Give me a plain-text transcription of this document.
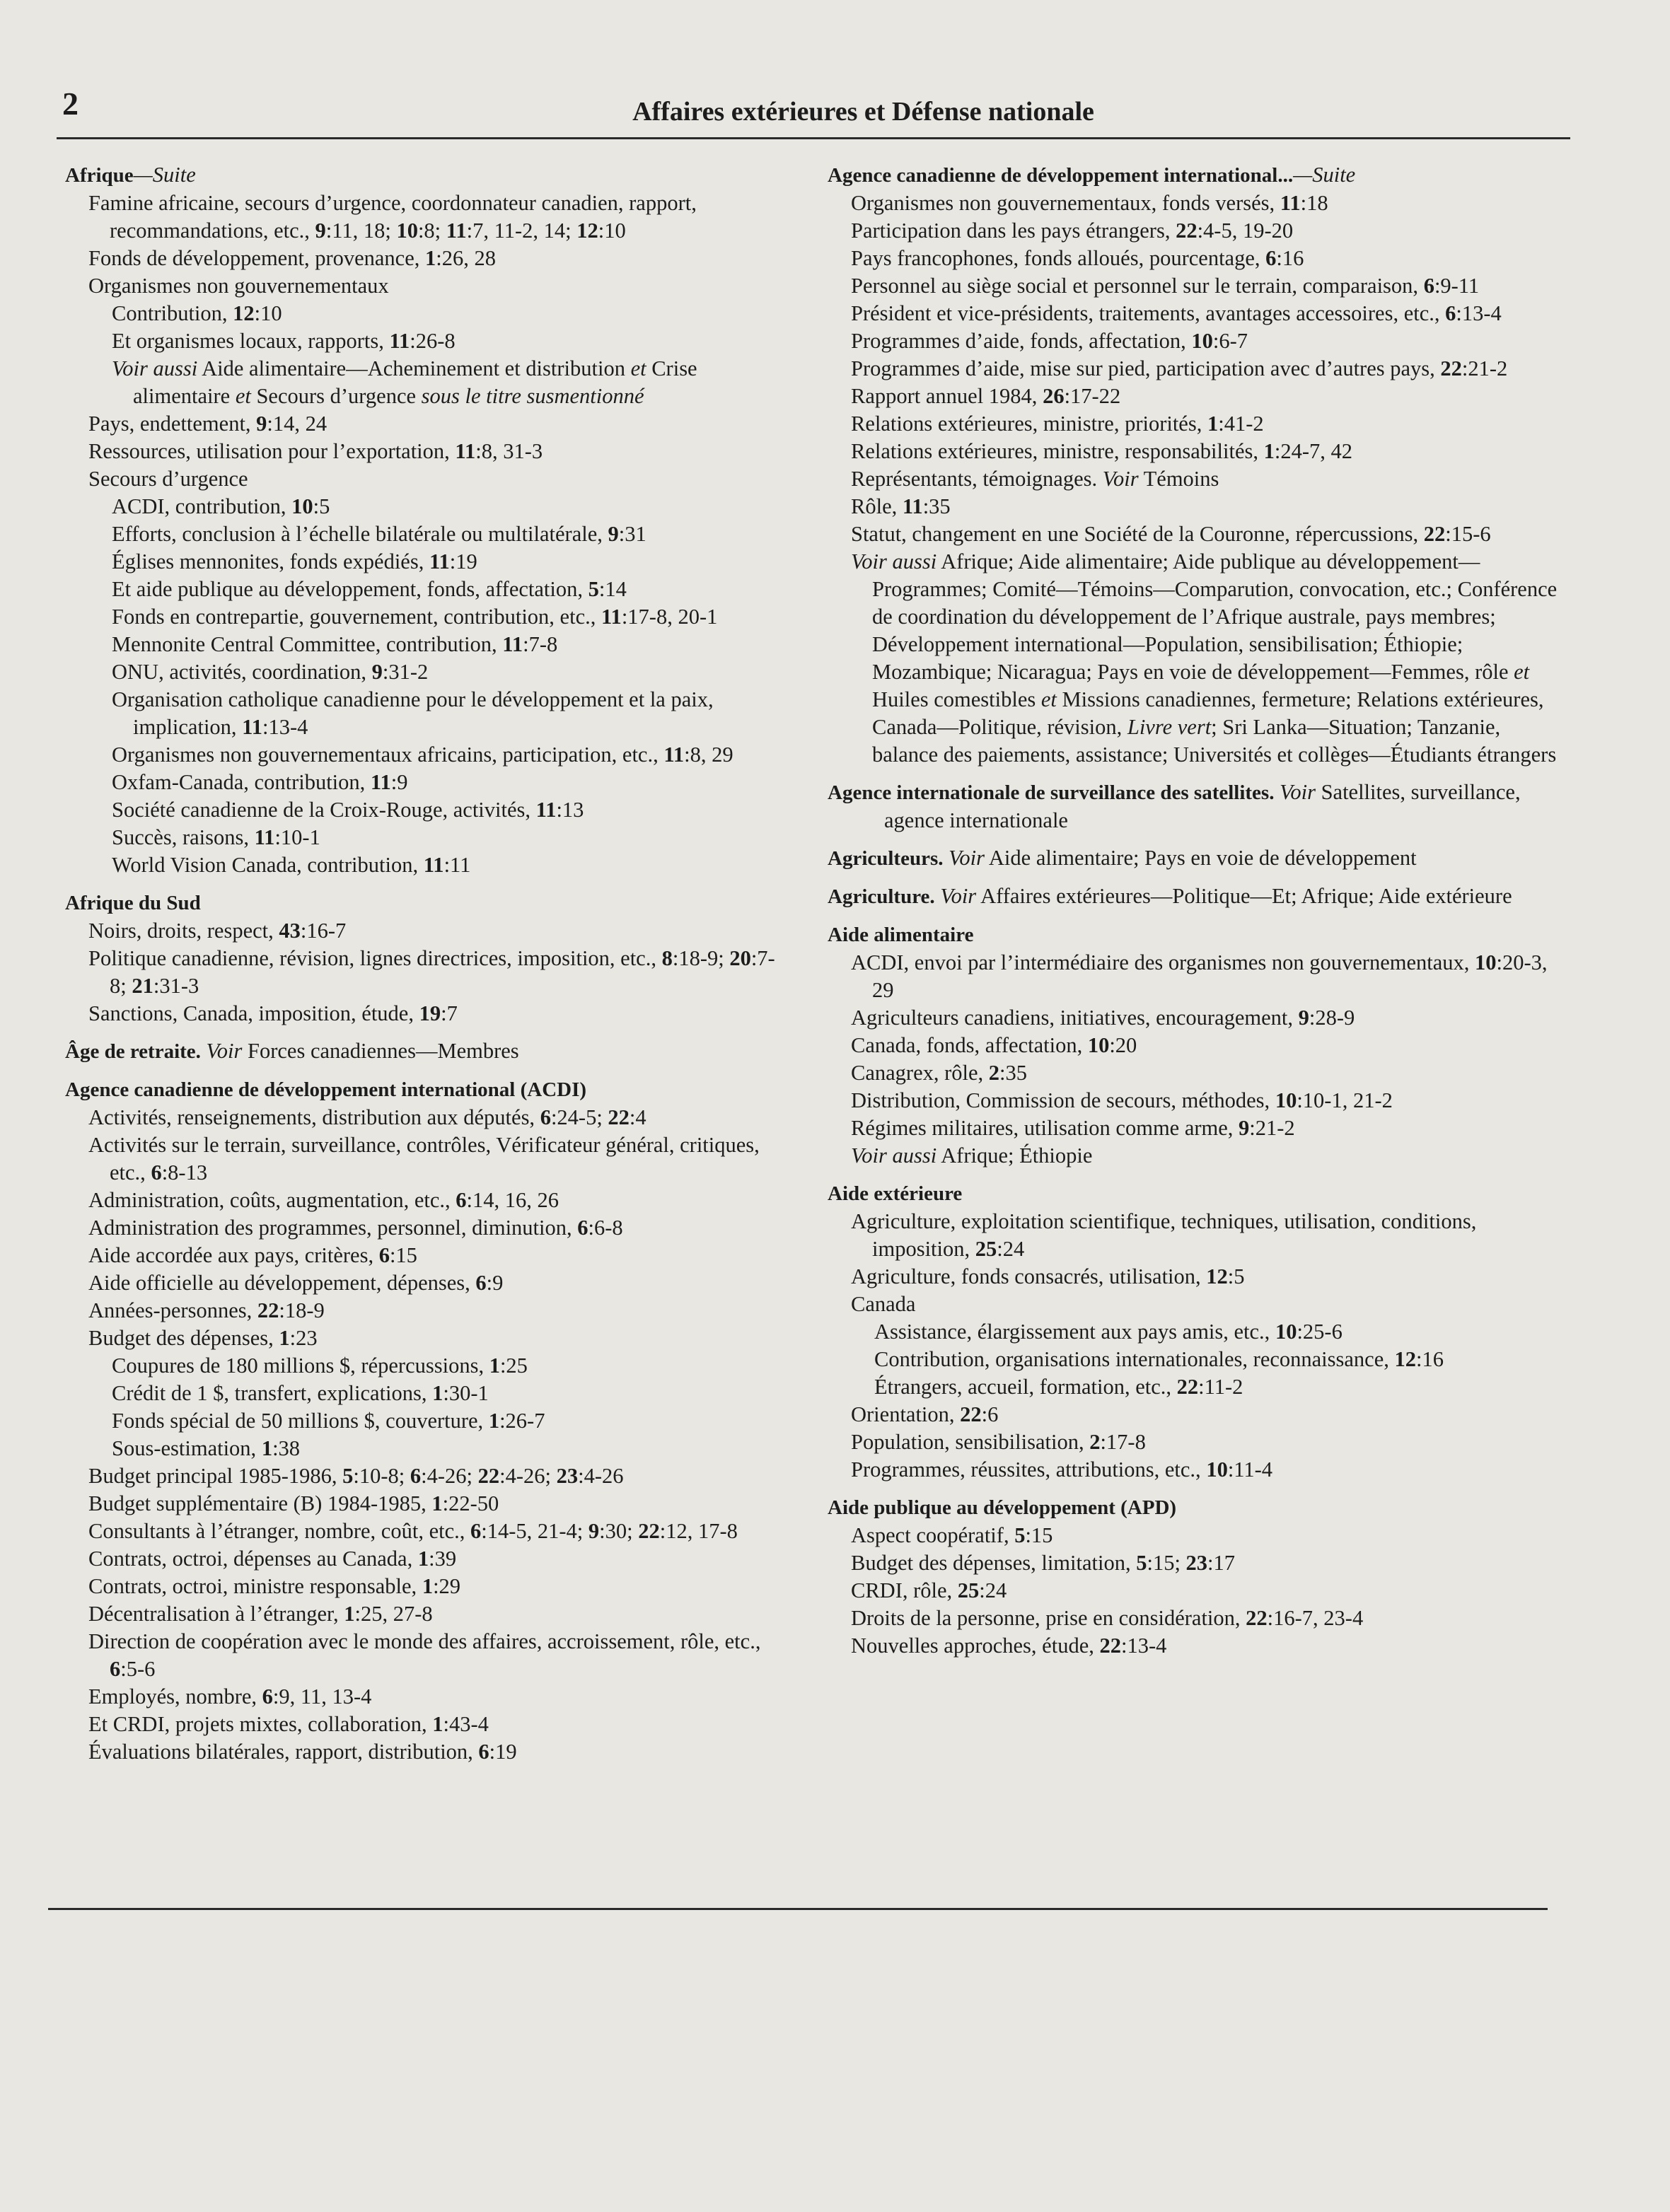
2	Affaires extérieures et Défense nationale
Afrique—Suite
Famine africaine, secours d’urgence, coordonnateur canadien, rapport, recommandations, etc., 9:11, 18; 10:8; 11:7, 11-2, 14; 12:10
Fonds de développement, provenance, 1:26, 28
Organismes non gouvernementaux
Contribution, 12:10
Et organismes locaux, rapports, 11:26-8
Voir aussi Aide alimentaire—Acheminement et distribution et Crise alimentaire et Secours d’urgence sous le titre susmentionné
Pays, endettement, 9:14, 24
Ressources, utilisation pour l’exportation, 11:8, 31-3
Secours d’urgence
ACDI, contribution, 10:5
Efforts, conclusion à l’échelle bilatérale ou multilatérale, 9:31
Églises mennonites, fonds expédiés, 11:19
Et aide publique au développement, fonds, affectation, 5:14
Fonds en contrepartie, gouvernement, contribution, etc., 11:17-8, 20-1
Mennonite Central Committee, contribution, 11:7-8
ONU, activités, coordination, 9:31-2
Organisation catholique canadienne pour le développement et la paix, implication, 11:13-4
Organismes non gouvernementaux africains, participation, etc., 11:8, 29
Oxfam-Canada, contribution, 11:9
Société canadienne de la Croix-Rouge, activités, 11:13
Succès, raisons, 11:10-1
World Vision Canada, contribution, 11:11
Afrique du Sud
Noirs, droits, respect, 43:16-7
Politique canadienne, révision, lignes directrices, imposition, etc., 8:18-9; 20:7-8; 21:31-3
Sanctions, Canada, imposition, étude, 19:7
Âge de retraite. Voir Forces canadiennes—Membres
Agence canadienne de développement international (ACDI)
Activités, renseignements, distribution aux députés, 6:24-5; 22:4
Activités sur le terrain, surveillance, contrôles, Vérificateur général, critiques, etc., 6:8-13
Administration, coûts, augmentation, etc., 6:14, 16, 26
Administration des programmes, personnel, diminution, 6:6-8
Aide accordée aux pays, critères, 6:15
Aide officielle au développement, dépenses, 6:9
Années-personnes, 22:18-9
Budget des dépenses, 1:23
Coupures de 180 millions $, répercussions, 1:25
Crédit de 1 $, transfert, explications, 1:30-1
Fonds spécial de 50 millions $, couverture, 1:26-7
Sous-estimation, 1:38
Budget principal 1985-1986, 5:10-8; 6:4-26; 22:4-26; 23:4-26
Budget supplémentaire (B) 1984-1985, 1:22-50
Consultants à l’étranger, nombre, coût, etc., 6:14-5, 21-4; 9:30; 22:12, 17-8
Contrats, octroi, dépenses au Canada, 1:39
Contrats, octroi, ministre responsable, 1:29
Décentralisation à l’étranger, 1:25, 27-8
Direction de coopération avec le monde des affaires, accroissement, rôle, etc., 6:5-6
Employés, nombre, 6:9, 11, 13-4
Et CRDI, projets mixtes, collaboration, 1:43-4
Évaluations bilatérales, rapport, distribution, 6:19
Agence canadienne de développement international...—Suite
Organismes non gouvernementaux, fonds versés, 11:18
Participation dans les pays étrangers, 22:4-5, 19-20
Pays francophones, fonds alloués, pourcentage, 6:16
Personnel au siège social et personnel sur le terrain, comparaison, 6:9-11
Président et vice-présidents, traitements, avantages accessoires, etc., 6:13-4
Programmes d’aide, fonds, affectation, 10:6-7
Programmes d’aide, mise sur pied, participation avec d’autres pays, 22:21-2
Rapport annuel 1984, 26:17-22
Relations extérieures, ministre, priorités, 1:41-2
Relations extérieures, ministre, responsabilités, 1:24-7, 42
Représentants, témoignages. Voir Témoins
Rôle, 11:35
Statut, changement en une Société de la Couronne, répercussions, 22:15-6
Voir aussi Afrique; Aide alimentaire; Aide publique au développement—Programmes; Comité—Témoins—Comparution, convocation, etc.; Conférence de coordination du développement de l’Afrique australe, pays membres; Développement international—Population, sensibilisation; Éthiopie; Mozambique; Nicaragua; Pays en voie de développement—Femmes, rôle et Huiles comestibles et Missions canadiennes, fermeture; Relations extérieures, Canada—Politique, révision, Livre vert; Sri Lanka—Situation; Tanzanie, balance des paiements, assistance; Universités et collèges—Étudiants étrangers
Agence internationale de surveillance des satellites. Voir Satellites, surveillance, agence internationale
Agriculteurs. Voir Aide alimentaire; Pays en voie de développement
Agriculture. Voir Affaires extérieures—Politique—Et; Afrique; Aide extérieure
Aide alimentaire
ACDI, envoi par l’intermédiaire des organismes non gouvernementaux, 10:20-3, 29
Agriculteurs canadiens, initiatives, encouragement, 9:28-9
Canada, fonds, affectation, 10:20
Canagrex, rôle, 2:35
Distribution, Commission de secours, méthodes, 10:10-1, 21-2
Régimes militaires, utilisation comme arme, 9:21-2
Voir aussi Afrique; Éthiopie
Aide extérieure
Agriculture, exploitation scientifique, techniques, utilisation, conditions, imposition, 25:24
Agriculture, fonds consacrés, utilisation, 12:5
Canada
Assistance, élargissement aux pays amis, etc., 10:25-6
Contribution, organisations internationales, reconnaissance, 12:16
Étrangers, accueil, formation, etc., 22:11-2
Orientation, 22:6
Population, sensibilisation, 2:17-8
Programmes, réussites, attributions, etc., 10:11-4
Aide publique au développement (APD)
Aspect coopératif, 5:15
Budget des dépenses, limitation, 5:15; 23:17
CRDI, rôle, 25:24
Droits de la personne, prise en considération, 22:16-7, 23-4
Nouvelles approches, étude, 22:13-4
